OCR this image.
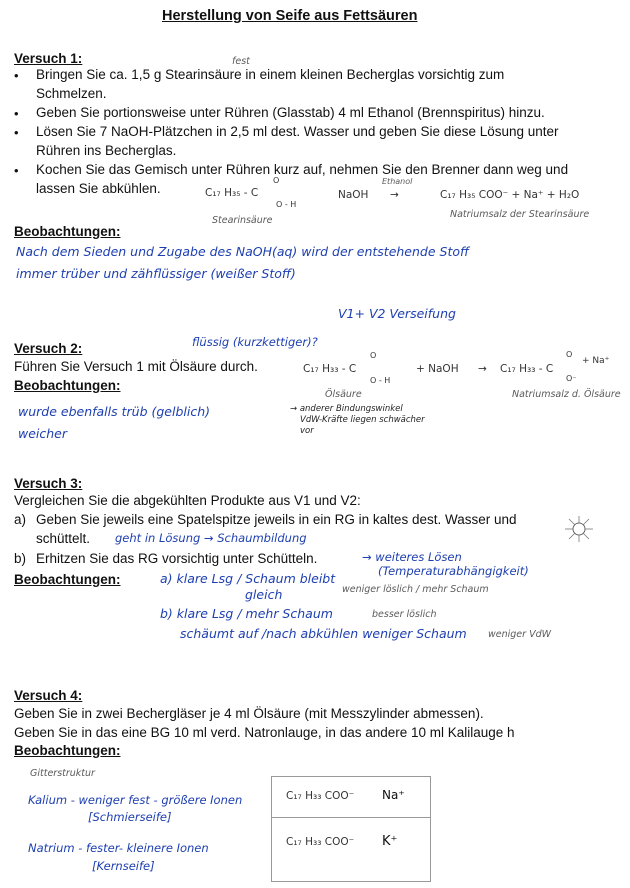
Herstellung von Seife aus Fettsäuren
Versuch 1:	fest
• Bringen Sie ca. 1,5 g Stearinsäure in einem kleinen Becherglas vorsichtig zum
Schmelzen.
• Geben Sie portionsweise unter Rühren (Glasstab) 4 ml Ethanol (Brennspiritus) hinzu.
• Lösen Sie 7 NaOH-Plätzchen in 2,5 ml dest. Wasser und geben Sie diese Lösung unter
Rühren ins Becherglas.
• Kochen Sie das Gemisch unter Rühren kurz auf, nehmen Sie den Brenner dann weg und
lassen Sie abkühlen.	C₁₇ H₃₅ - C
O
O - H
Stearinsäure
NaOH
Ethanol
→	C₁₇ H₃₅ COO⁻ + Na⁺ + H₂O
Natriumsalz der Stearinsäure
Beobachtungen:
Nach dem Sieden und Zugabe des NaOH(aq) wird der entstehende Stoff
immer trüber und zähflüssiger (weißer Stoff)
V1+ V2 Verseifung
Versuch 2:	flüssig (kurzkettiger)?
Führen Sie Versuch 1 mit Ölsäure durch.
Beobachtungen:
C₁₇ H₃₃ - C
O
O - H
Ölsäure
+ NaOH → C₁₇ H₃₃ - C
O
O⁻
+ Na⁺
Natriumsalz d. Ölsäure
→ anderer Bindungswinkel
VdW-Kräfte liegen schwächer
vor
wurde ebenfalls trüb (gelblich)
weicher
Versuch 3:
Vergleichen Sie die abgekühlten Produkte aus V1 und V2:
a) Geben Sie jeweils eine Spatelspitze jeweils in ein RG in kaltes dest. Wasser und
schüttelt. geht in Lösung → Schaumbildung
b) Erhitzen Sie das RG vorsichtig unter Schütteln.	→ weiteres Lösen
(Temperaturabhängigkeit)
Beobachtungen:	a) klare Lsg / Schaum bleibt
gleich	weniger löslich / mehr Schaum
b) klare Lsg / mehr Schaum	besser löslich
schäumt auf /nach abkühlen weniger Schaum weniger VdW
Versuch 4:
Geben Sie in zwei Bechergläser je 4 ml Ölsäure (mit Messzylinder abmessen).
Geben Sie in das eine BG 10 ml verd. Natronlauge, in das andere 10 ml Kalilauge h
Beobachtungen:
Gitterstruktur
Kalium - weniger fest - größere Ionen
[Schmierseife]
Natrium - fester- kleinere Ionen
[Kernseife]
C₁₇ H₃₃ COO⁻ Na⁺
C₁₇ H₃₃ COO⁻ K⁺
